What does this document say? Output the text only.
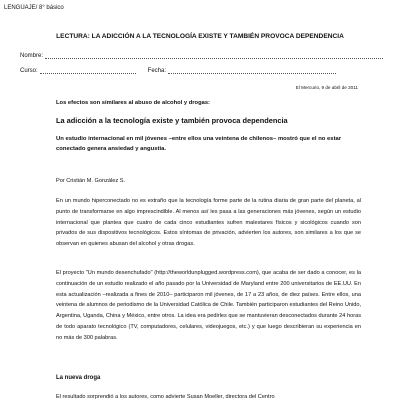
LENGUAJE/ 8° básico
LECTURA: LA ADICCIÓN A LA TECNOLOGÍA EXISTE Y TAMBIÉN PROVOCA DEPENDENCIA
Nombre:
Curso:	Fecha:
El Mercurio, 9 de abril de 2011
Los efectos son similares al abuso de alcohol y drogas:
La adicción a la tecnología existe y también provoca dependencia
Un estudio internacional en mil jóvenes –entre ellos una veintena de chilenos– mostró que el no estar conectado genera ansiedad y angustia.
Por Cristián M. González S.
En un mundo hiperconectado no es extraño que la tecnología forme parte de la rutina diaria de gran parte del planeta, al punto de transformarse en algo imprescindible. Al menos así les pasa a las generaciones más jóvenes, según un estudio internacional que plantea que cuatro de cada cinco estudiantes sufren malestares físicos y sicológicos cuando son privados de sus dispositivos tecnológicos. Estos síntomas de privación, advierten los autores, son similares a los que se observan en quienes abusan del alcohol y otras drogas.
El proyecto "Un mundo desenchufado" (http://theworldunplugged.wordpress.com), que acaba de ser dado a conocer, es la continuación de un estudio realizado el año pasado por la Universidad de Maryland entre 200 universitarios de EE.UU. En esta actualización –realizada a fines de 2010– participaron mil jóvenes, de 17 a 23 años, de diez países. Entre ellos, una veintena de alumnos de periodismo de la Universidad Católica de Chile. También participaron estudiantes del Reino Unido, Argentina, Uganda, China y México, entre otros. La idea era pedirles que se mantuvieran desconectados durante 24 horas de todo aparato tecnológico (TV, computadores, celulares, videojuegos, etc.) y que luego describieran su experiencia en no más de 300 palabras.
La nueva droga
El resultado sorprendió a los autores, como advierte Susan Moeller, directora del Centro
